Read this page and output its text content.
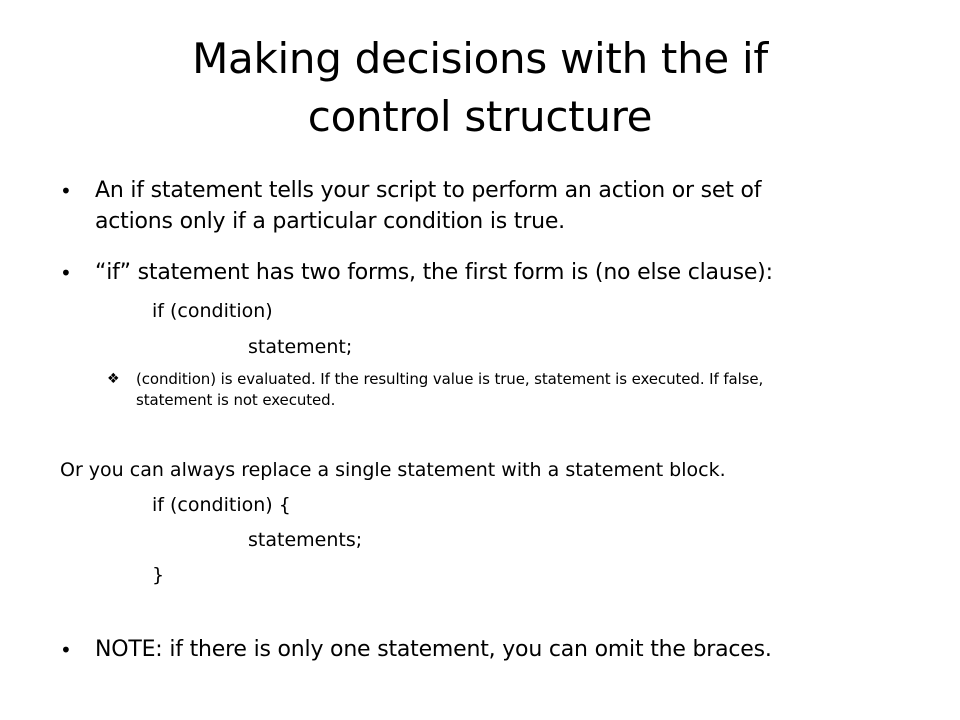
Making decisions with the if
control structure
• An if statement tells your script to perform an action or set of
actions only if a particular condition is true.
• “if” statement has two forms, the first form is (no else clause):
if (condition)
statement;
❖ (condition) is evaluated. If the resulting value is true, statement is executed. If false,
statement is not executed.
Or you can always replace a single statement with a statement block.
if (condition) {
statements;
}
• NOTE: if there is only one statement, you can omit the braces.
